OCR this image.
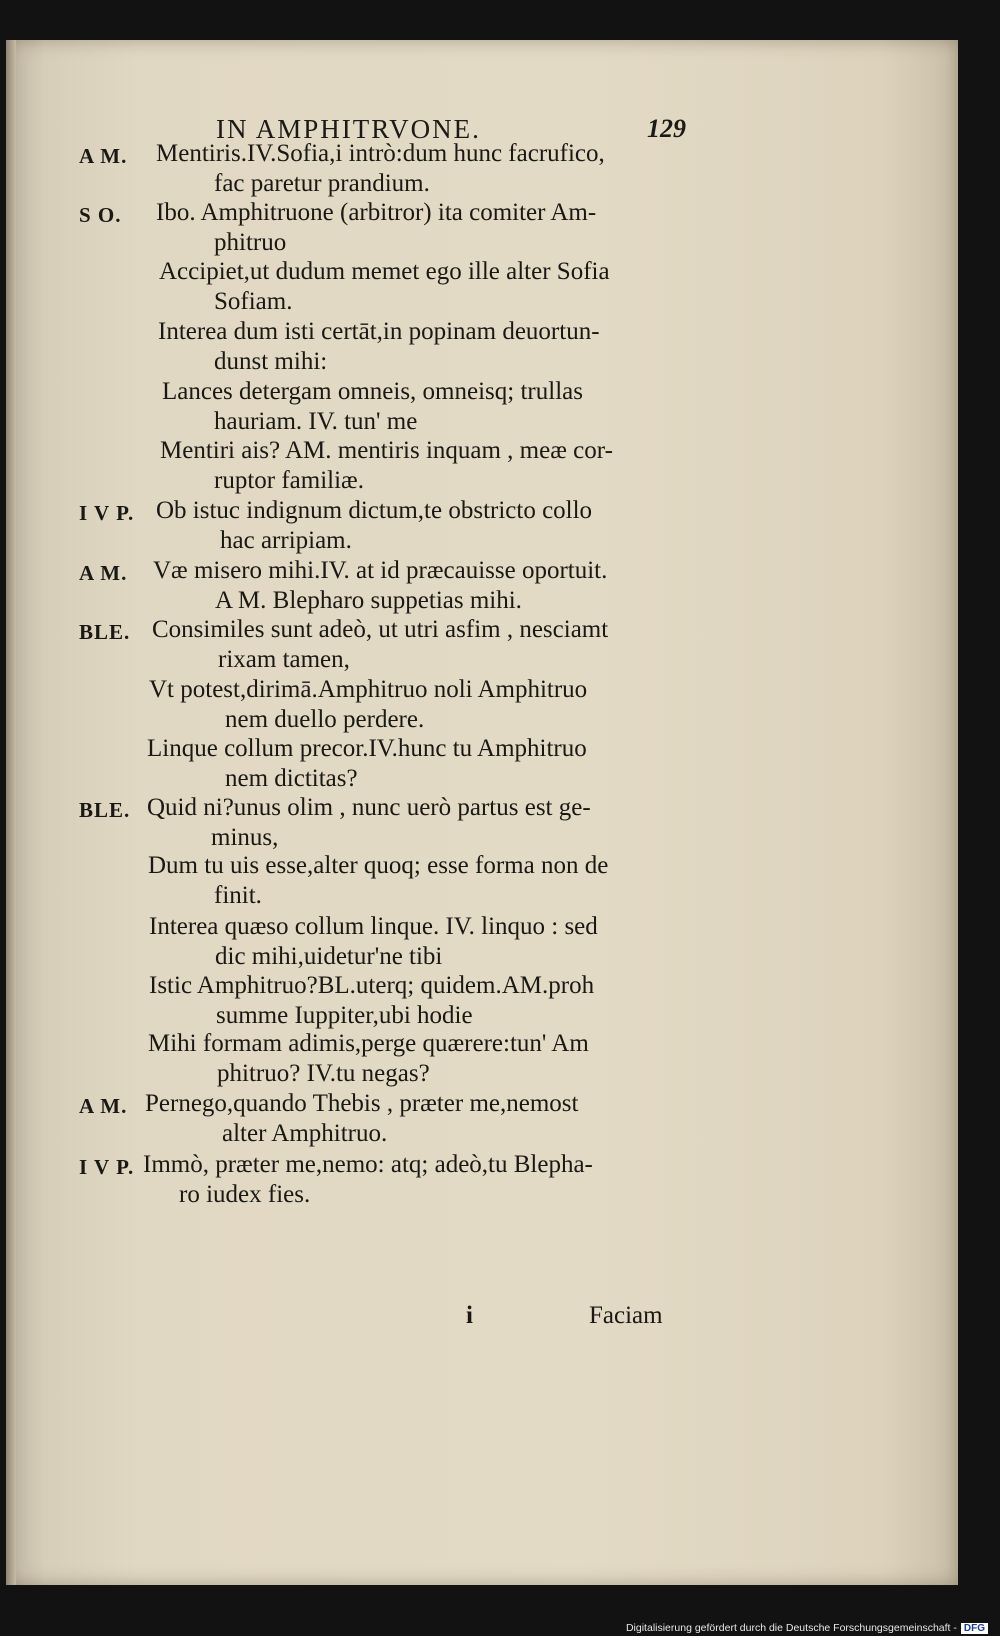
IN AMPHITRVONE.	129
A M. Mentiris.IV.Sofia,i intrò:dum hunc facrufico,
fac paretur prandium.
S O. Ibo. Amphitruone (arbitror) ita comiter Am-
phitruo
Accipiet,ut dudum memet ego ille alter Sofia
Sofiam.
Interea dum isti certāt,in popinam deuortun-
dunst mihi:
Lances detergam omneis, omneisq; trullas
hauriam. IV. tun' me
Mentiri ais? AM. mentiris inquam , meæ cor-
ruptor familiæ.
I V P. Ob istuc indignum dictum,te obstricto collo
hac arripiam.
A M. Væ misero mihi.IV. at id præcauisse oportuit.
A M. Blepharo suppetias mihi.
BLE. Consimiles sunt adeò, ut utri asfim , nesciamt
rixam tamen,
Vt potest,dirimā.Amphitruo noli Amphitruo
nem duello perdere.
Linque collum precor.IV.hunc tu Amphitruo
nem dictitas?
BLE. Quid ni?unus olim , nunc uerò partus est ge-
minus,
Dum tu uis esse,alter quoq; esse forma non de
finit.
Interea quæso collum linque. IV. linquo : sed
dic mihi,uidetur'ne tibi
Istic Amphitruo?BL.uterq; quidem.AM.proh
summe Iuppiter,ubi hodie
Mihi formam adimis,perge quærere:tun' Am
phitruo? IV.tu negas?
A M. Pernego,quando Thebis , præter me,nemost
alter Amphitruo.
I V P. Immò, præter me,nemo: atq; adeò,tu Blepha-
ro iudex fies.
i	Faciam
Digitalisierung gefördert durch die Deutsche Forschungsgemeinschaft - DFG
